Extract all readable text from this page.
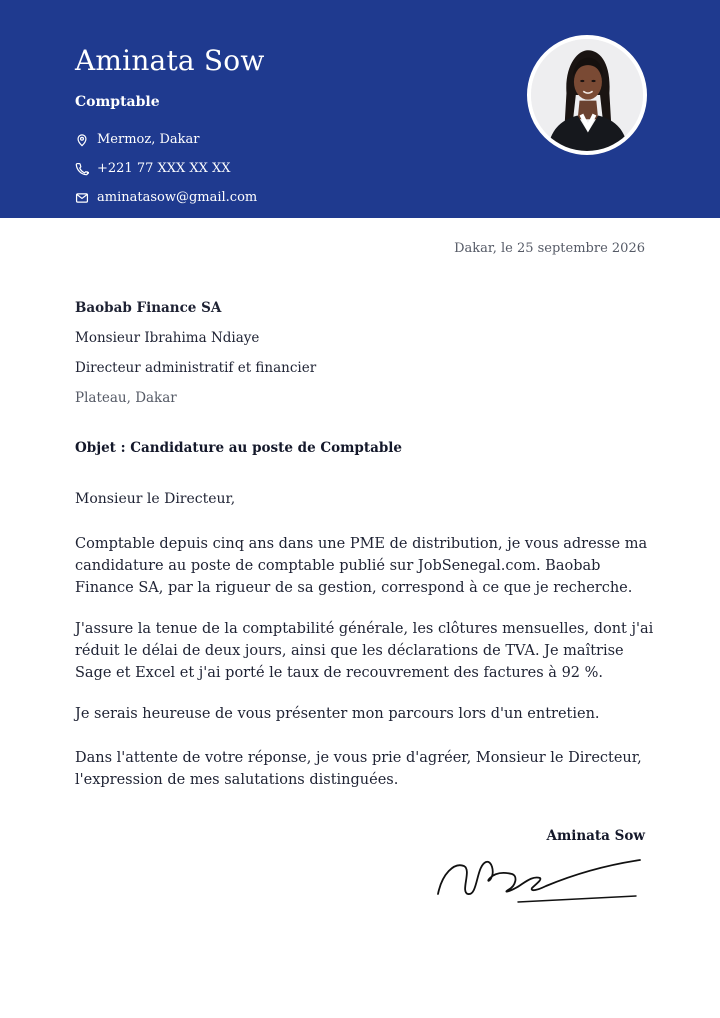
Aminata Sow
Comptable
Mermoz, Dakar
+221 77 XXX XX XX
aminatasow@gmail.com
Dakar, le 25 septembre 2026
Baobab Finance SA
Monsieur Ibrahima Ndiaye
Directeur administratif et financier
Plateau, Dakar
Objet : Candidature au poste de Comptable
Monsieur le Directeur,
Comptable depuis cinq ans dans une PME de distribution, je vous adresse ma candidature au poste de comptable publié sur JobSenegal.com. Baobab Finance SA, par la rigueur de sa gestion, correspond à ce que je recherche.
J'assure la tenue de la comptabilité générale, les clôtures mensuelles, dont j'ai réduit le délai de deux jours, ainsi que les déclarations de TVA. Je maîtrise Sage et Excel et j'ai porté le taux de recouvrement des factures à 92 %.
Je serais heureuse de vous présenter mon parcours lors d'un entretien.
Dans l'attente de votre réponse, je vous prie d'agréer, Monsieur le Directeur, l'expression de mes salutations distinguées.
Aminata Sow
